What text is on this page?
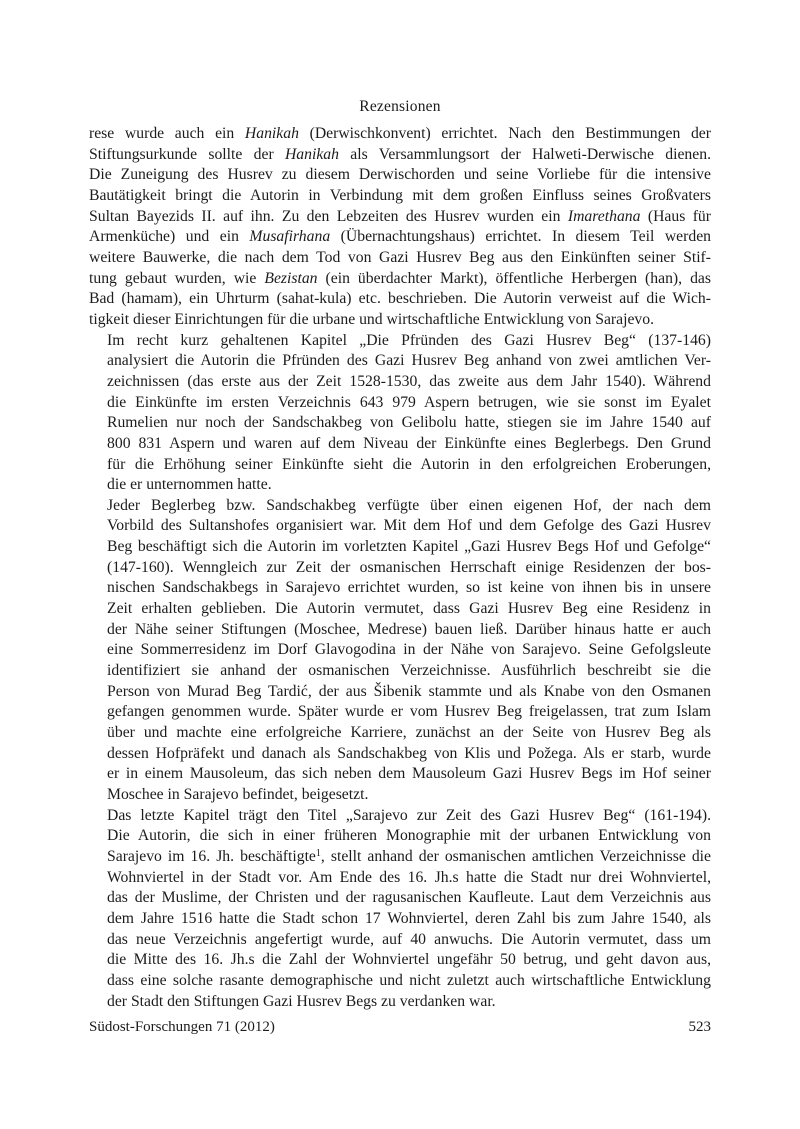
Rezensionen

rese wurde auch ein Hanikah (Derwischkonvent) errichtet. Nach den Bestimmungen der
Stiftungsurkunde sollte der Hanikah als Versammlungsort der Halweti-Derwische dienen.
Die Zuneigung des Husrev zu diesem Derwischorden und seine Vorliebe für die intensive
Bautätigkeit bringt die Autorin in Verbindung mit dem großen Einfluss seines Großvaters
Sultan Bayezids II. auf ihn. Zu den Lebzeiten des Husrev wurden ein Imarethana (Haus für
Armenküche) und ein Musafirhana (Übernachtungshaus) errichtet. In diesem Teil werden
weitere Bauwerke, die nach dem Tod von Gazi Husrev Beg aus den Einkünften seiner Stif-
tung gebaut wurden, wie Bezistan (ein überdachter Markt), öffentliche Herbergen (han), das
Bad (hamam), ein Uhrturm (sahat-kula) etc. beschrieben. Die Autorin verweist auf die Wich-
tigkeit dieser Einrichtungen für die urbane und wirtschaftliche Entwicklung von Sarajevo.

Im recht kurz gehaltenen Kapitel „Die Pfründen des Gazi Husrev Beg“ (137-146)
analysiert die Autorin die Pfründen des Gazi Husrev Beg anhand von zwei amtlichen Ver-
zeichnissen (das erste aus der Zeit 1528-1530, das zweite aus dem Jahr 1540). Während
die Einkünfte im ersten Verzeichnis 643 979 Aspern betrugen, wie sie sonst im Eyalet
Rumelien nur noch der Sandschakbeg von Gelibolu hatte, stiegen sie im Jahre 1540 auf
800 831 Aspern und waren auf dem Niveau der Einkünfte eines Beglerbegs. Den Grund
für die Erhöhung seiner Einkünfte sieht die Autorin in den erfolgreichen Eroberungen,
die er unternommen hatte.

Jeder Beglerbeg bzw. Sandschakbeg verfügte über einen eigenen Hof, der nach dem
Vorbild des Sultanshofes organisiert war. Mit dem Hof und dem Gefolge des Gazi Husrev
Beg beschäftigt sich die Autorin im vorletzten Kapitel „Gazi Husrev Begs Hof und Gefolge“
(147-160). Wenngleich zur Zeit der osmanischen Herrschaft einige Residenzen der bos-
nischen Sandschakbegs in Sarajevo errichtet wurden, so ist keine von ihnen bis in unsere
Zeit erhalten geblieben. Die Autorin vermutet, dass Gazi Husrev Beg eine Residenz in
der Nähe seiner Stiftungen (Moschee, Medrese) bauen ließ. Darüber hinaus hatte er auch
eine Sommerresidenz im Dorf Glavogodina in der Nähe von Sarajevo. Seine Gefolgsleute
identifiziert sie anhand der osmanischen Verzeichnisse. Ausführlich beschreibt sie die
Person von Murad Beg Tardić, der aus Šibenik stammte und als Knabe von den Osmanen
gefangen genommen wurde. Später wurde er vom Husrev Beg freigelassen, trat zum Islam
über und machte eine erfolgreiche Karriere, zunächst an der Seite von Husrev Beg als
dessen Hofpräfekt und danach als Sandschakbeg von Klis und Požega. Als er starb, wurde
er in einem Mausoleum, das sich neben dem Mausoleum Gazi Husrev Begs im Hof seiner
Moschee in Sarajevo befindet, beigesetzt.

Das letzte Kapitel trägt den Titel „Sarajevo zur Zeit des Gazi Husrev Beg“ (161-194).
Die Autorin, die sich in einer früheren Monographie mit der urbanen Entwicklung von
Sarajevo im 16. Jh. beschäftigte$^1$, stellt anhand der osmanischen amtlichen Verzeichnisse die
Wohnviertel in der Stadt vor. Am Ende des 16. Jh.s hatte die Stadt nur drei Wohnviertel,
das der Muslime, der Christen und der ragusanischen Kaufleute. Laut dem Verzeichnis aus
dem Jahre 1516 hatte die Stadt schon 17 Wohnviertel, deren Zahl bis zum Jahre 1540, als
das neue Verzeichnis angefertigt wurde, auf 40 anwuchs. Die Autorin vermutet, dass um
die Mitte des 16. Jh.s die Zahl der Wohnviertel ungefähr 50 betrug, und geht davon aus,
dass eine solche rasante demographische und nicht zuletzt auch wirtschaftliche Entwicklung
der Stadt den Stiftungen Gazi Husrev Begs zu verdanken war.

Südost-Forschungen 71 (2012)	523
